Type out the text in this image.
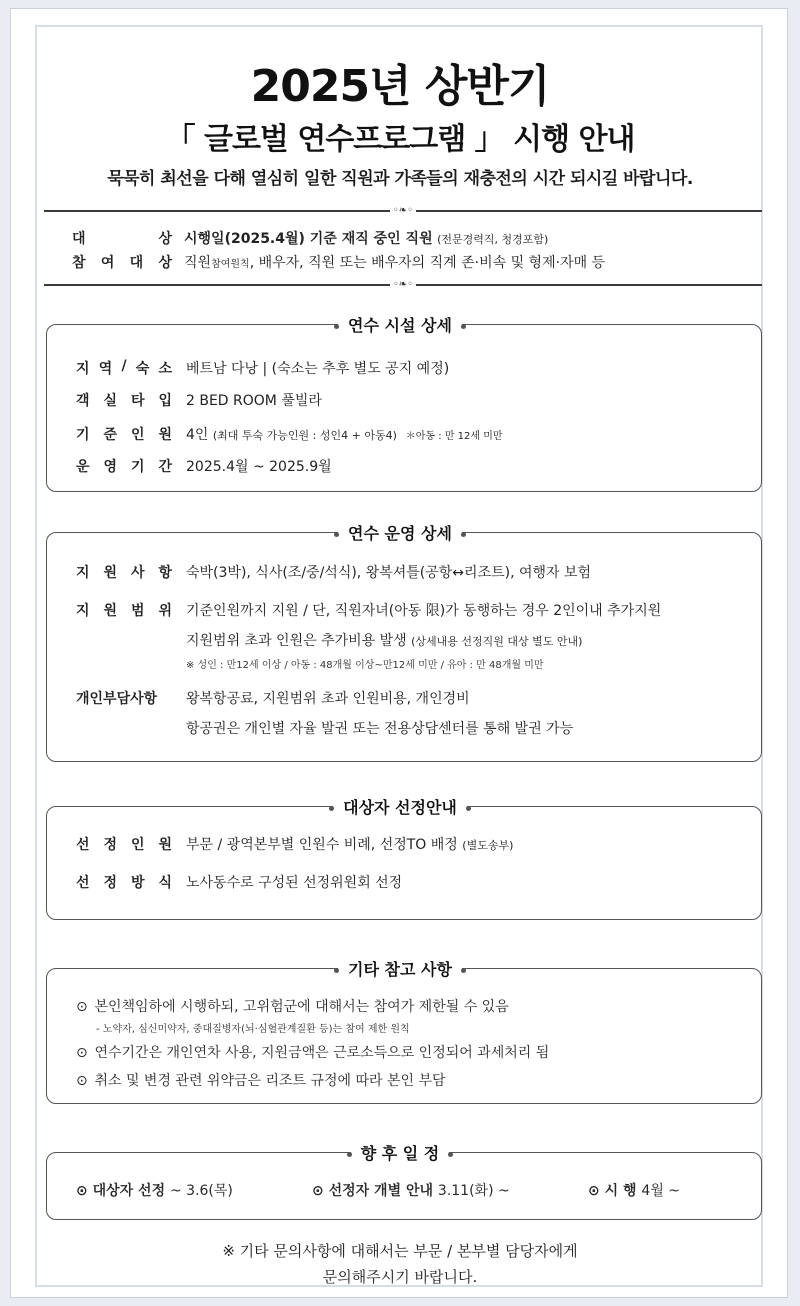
2025년 상반기
「 글로벌 연수프로그램 」 시행 안내
묵묵히 최선을 다해 열심히 일한 직원과 가족들의 재충전의 시간 되시길 바랍니다.
◦❧◦
대	상 시행일(2025.4월) 기준 재직 중인 직원 (전문경력직, 청경포함)
참 여 대 상 직원참여원칙, 배우자, 직원 또는 배우자의 직계 존·비속 및 형제·자매 등
◦❧◦
연수 시설 상세
지 역 / 숙 소 베트남 다낭 | (숙소는 추후 별도 공지 예정)
객 실 타 입 2 BED ROOM 풀빌라
기 준 인 원 4인 (최대 투숙 가능인원 : 성인4 + 아동4) ＊아동 : 만 12세 미만
운 영 기 간 2025.4월 ~ 2025.9월
연수 운영 상세
지 원 사 항 숙박(3박), 식사(조/중/석식), 왕복셔틀(공항↔리조트), 여행자 보험
지 원 범 위 기준인원까지 지원 / 단, 직원자녀(아동 限)가 동행하는 경우 2인이내 추가지원
지원범위 초과 인원은 추가비용 발생 (상세내용 선정직원 대상 별도 안내)
※ 성인 : 만12세 이상 / 아동 : 48개월 이상~만12세 미만 / 유아 : 만 48개월 미만
개인부담사항	왕복항공료, 지원범위 초과 인원비용, 개인경비
항공권은 개인별 자율 발권 또는 전용상담센터를 통해 발권 가능
대상자 선정안내
선 정 인 원 부문 / 광역본부별 인원수 비례, 선정TO 배정 (별도송부)
선 정 방 식 노사동수로 구성된 선정위원회 선정
기타 참고 사항
⊙ 본인책임하에 시행하되, 고위험군에 대해서는 참여가 제한될 수 있음
- 노약자, 심신미약자, 중대질병자(뇌·심혈관계질환 등)는 참여 제한 원칙
⊙ 연수기간은 개인연차 사용, 지원금액은 근로소득으로 인정되어 과세처리 됨
⊙ 취소 및 변경 관련 위약금은 리조트 규정에 따라 본인 부담
향 후 일 정
⊙ 대상자 선정 ~ 3.6(목)	⊙ 선정자 개별 안내 3.11(화) ~	⊙ 시 행 4월 ~
※ 기타 문의사항에 대해서는 부문 / 본부별 담당자에게
문의해주시기 바랍니다.
